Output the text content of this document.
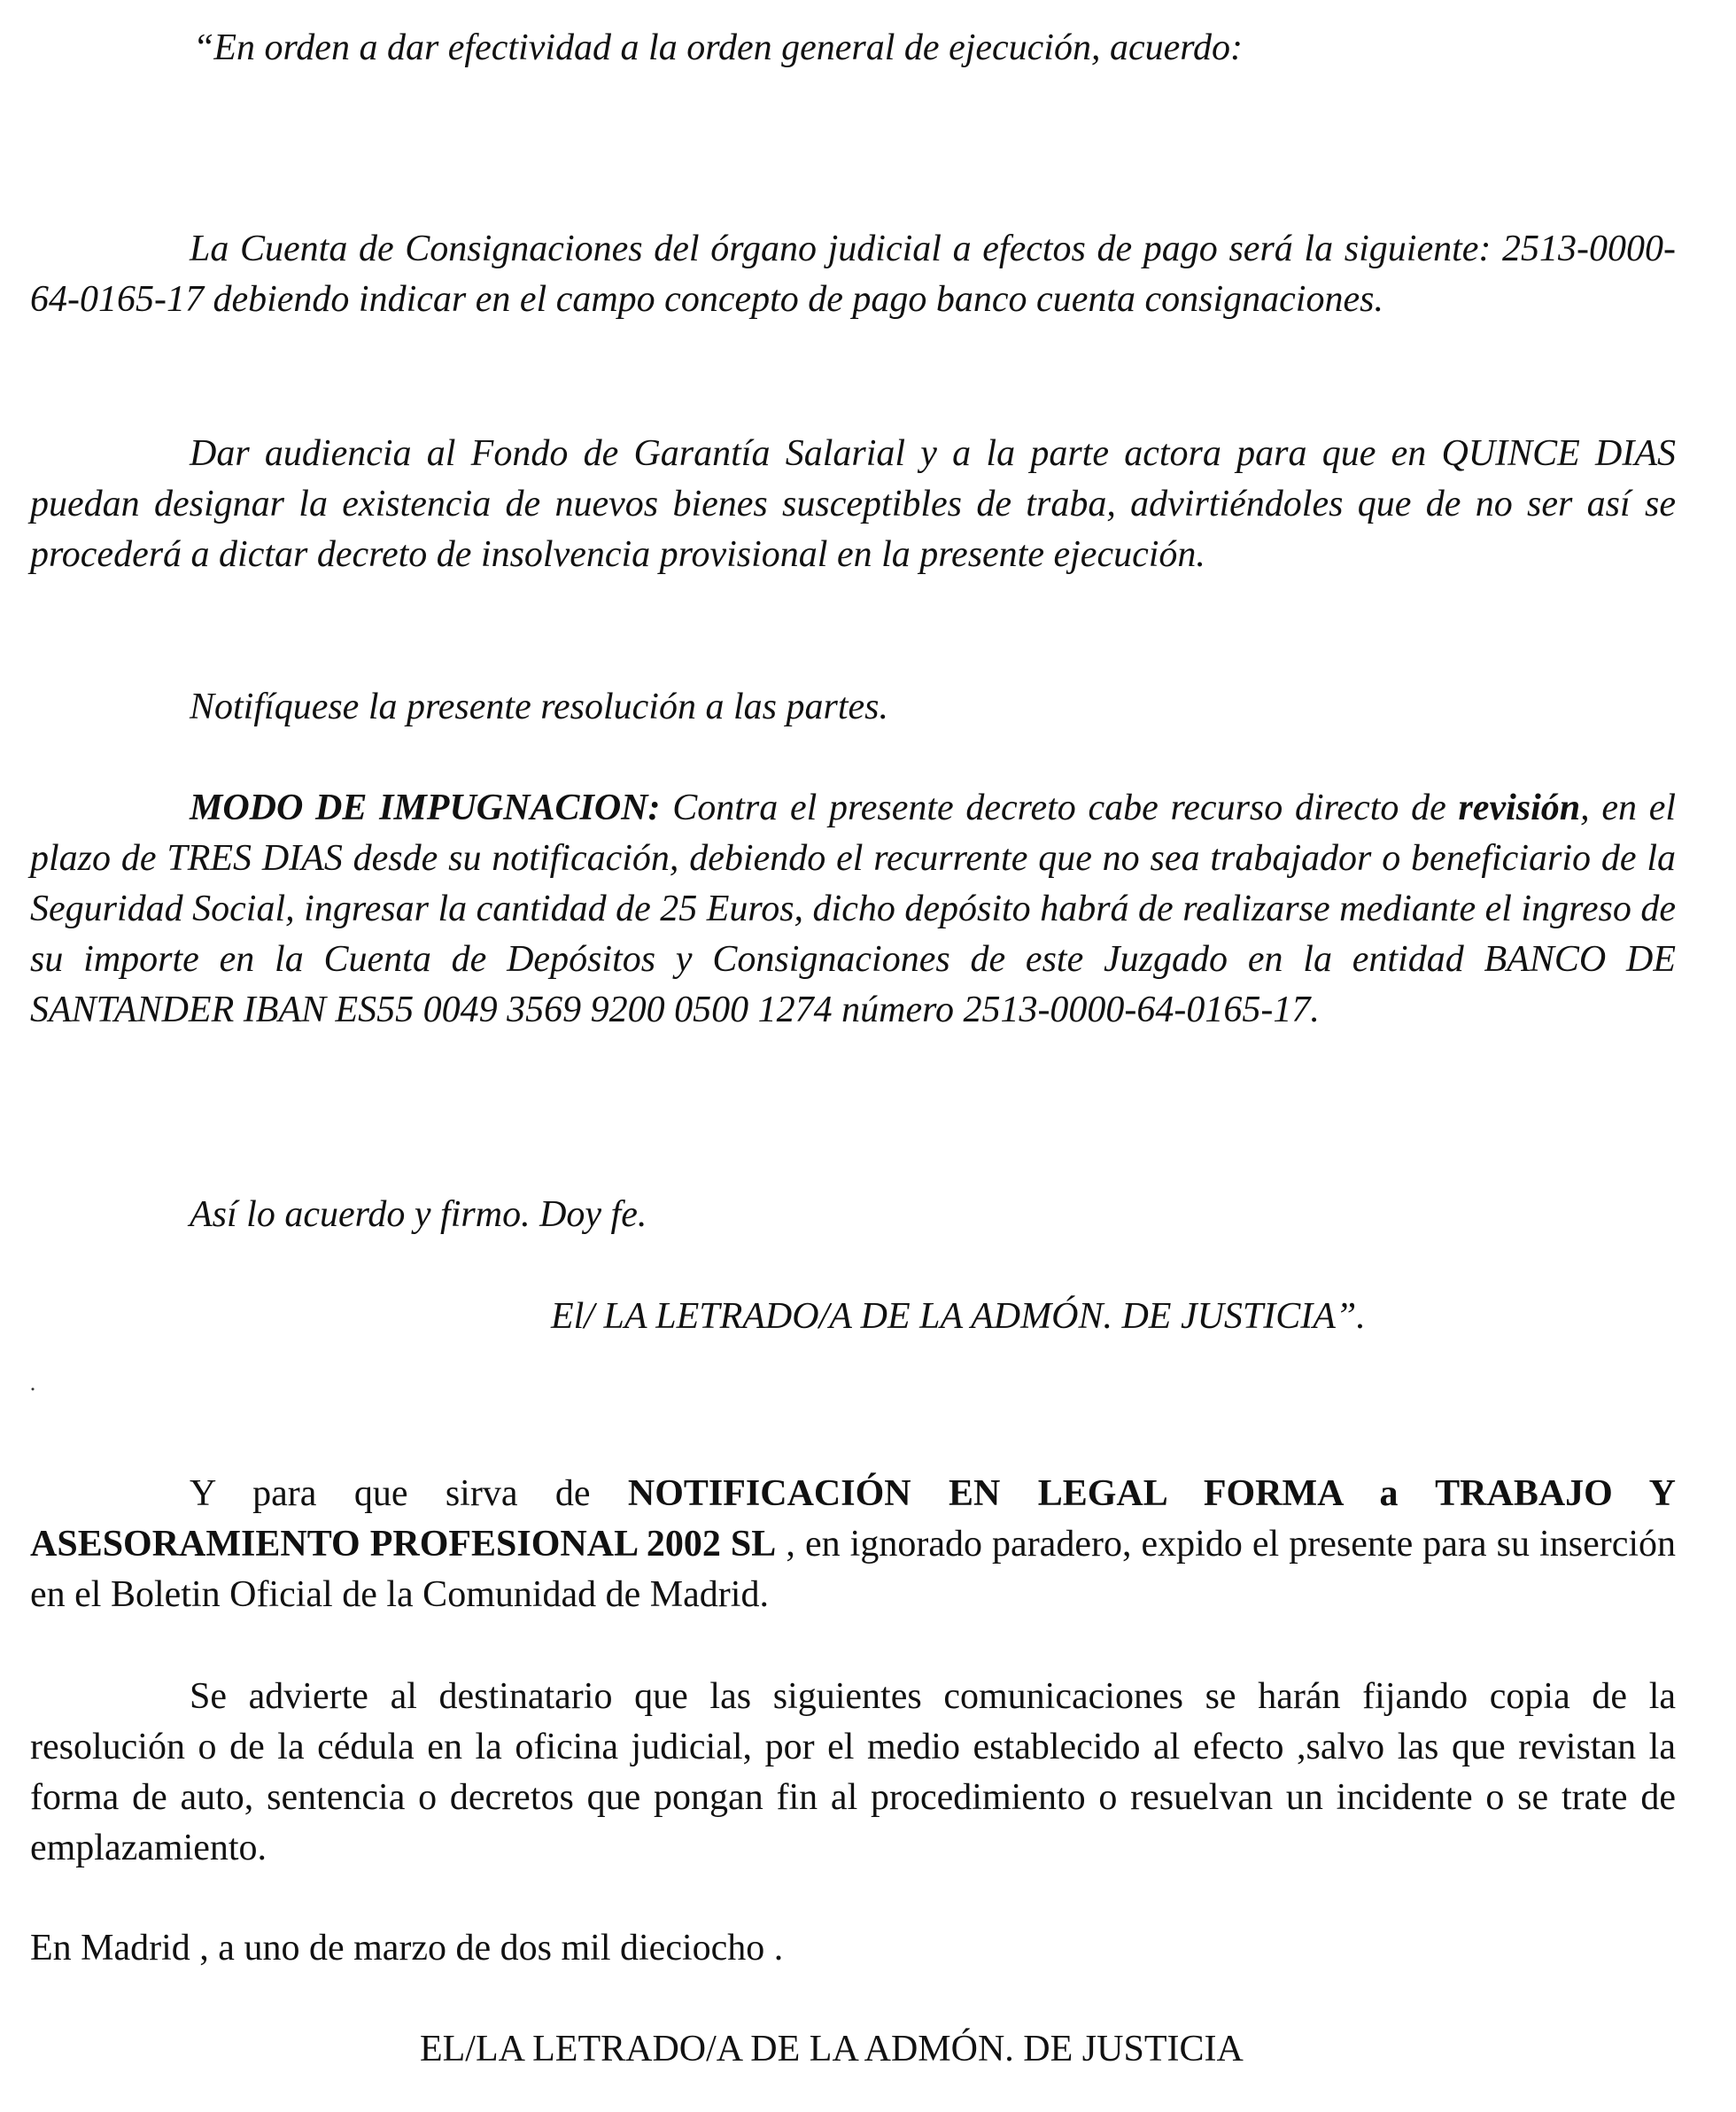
“En orden a dar efectividad a la orden general de ejecución, acuerdo:

La Cuenta de Consignaciones del órgano judicial a efectos de pago será la siguiente: 2513-0000-64-0165-17 debiendo indicar en el campo concepto de pago banco cuenta consignaciones.

Dar audiencia al Fondo de Garantía Salarial y a la parte actora para que en QUINCE DIAS puedan designar la existencia de nuevos bienes susceptibles de traba, advirtiéndoles que de no ser así se procederá a dictar decreto de insolvencia provisional en la presente ejecución.

Notifíquese la presente resolución a las partes.

MODO DE IMPUGNACION: Contra el presente decreto cabe recurso directo de revisión, en el plazo de TRES DIAS desde su notificación, debiendo el recurrente que no sea trabajador o beneficiario de la Seguridad Social, ingresar la cantidad de 25 Euros, dicho depósito habrá de realizarse mediante el ingreso de su importe en la Cuenta de Depósitos y Consignaciones de este Juzgado en la entidad BANCO DE SANTANDER IBAN ES55 0049 3569 9200 0500 1274 número 2513-0000-64-0165-17.

Así lo acuerdo y firmo. Doy fe.

El/ LA LETRADO/A DE LA ADMÓN. DE JUSTICIA”.

Y para que sirva de NOTIFICACIÓN EN LEGAL FORMA a TRABAJO Y ASESORAMIENTO PROFESIONAL 2002 SL , en ignorado paradero, expido el presente para su inserción en el Boletin Oficial de la Comunidad de Madrid.

Se advierte al destinatario que las siguientes comunicaciones se harán fijando copia de la resolución o de la cédula en la oficina judicial, por el medio establecido al efecto ,salvo las que revistan la forma de auto, sentencia o decretos que pongan fin al procedimiento o resuelvan un incidente o se trate de emplazamiento.

En Madrid , a uno de marzo de dos mil dieciocho .

EL/LA LETRADO/A DE LA ADMÓN. DE JUSTICIA
